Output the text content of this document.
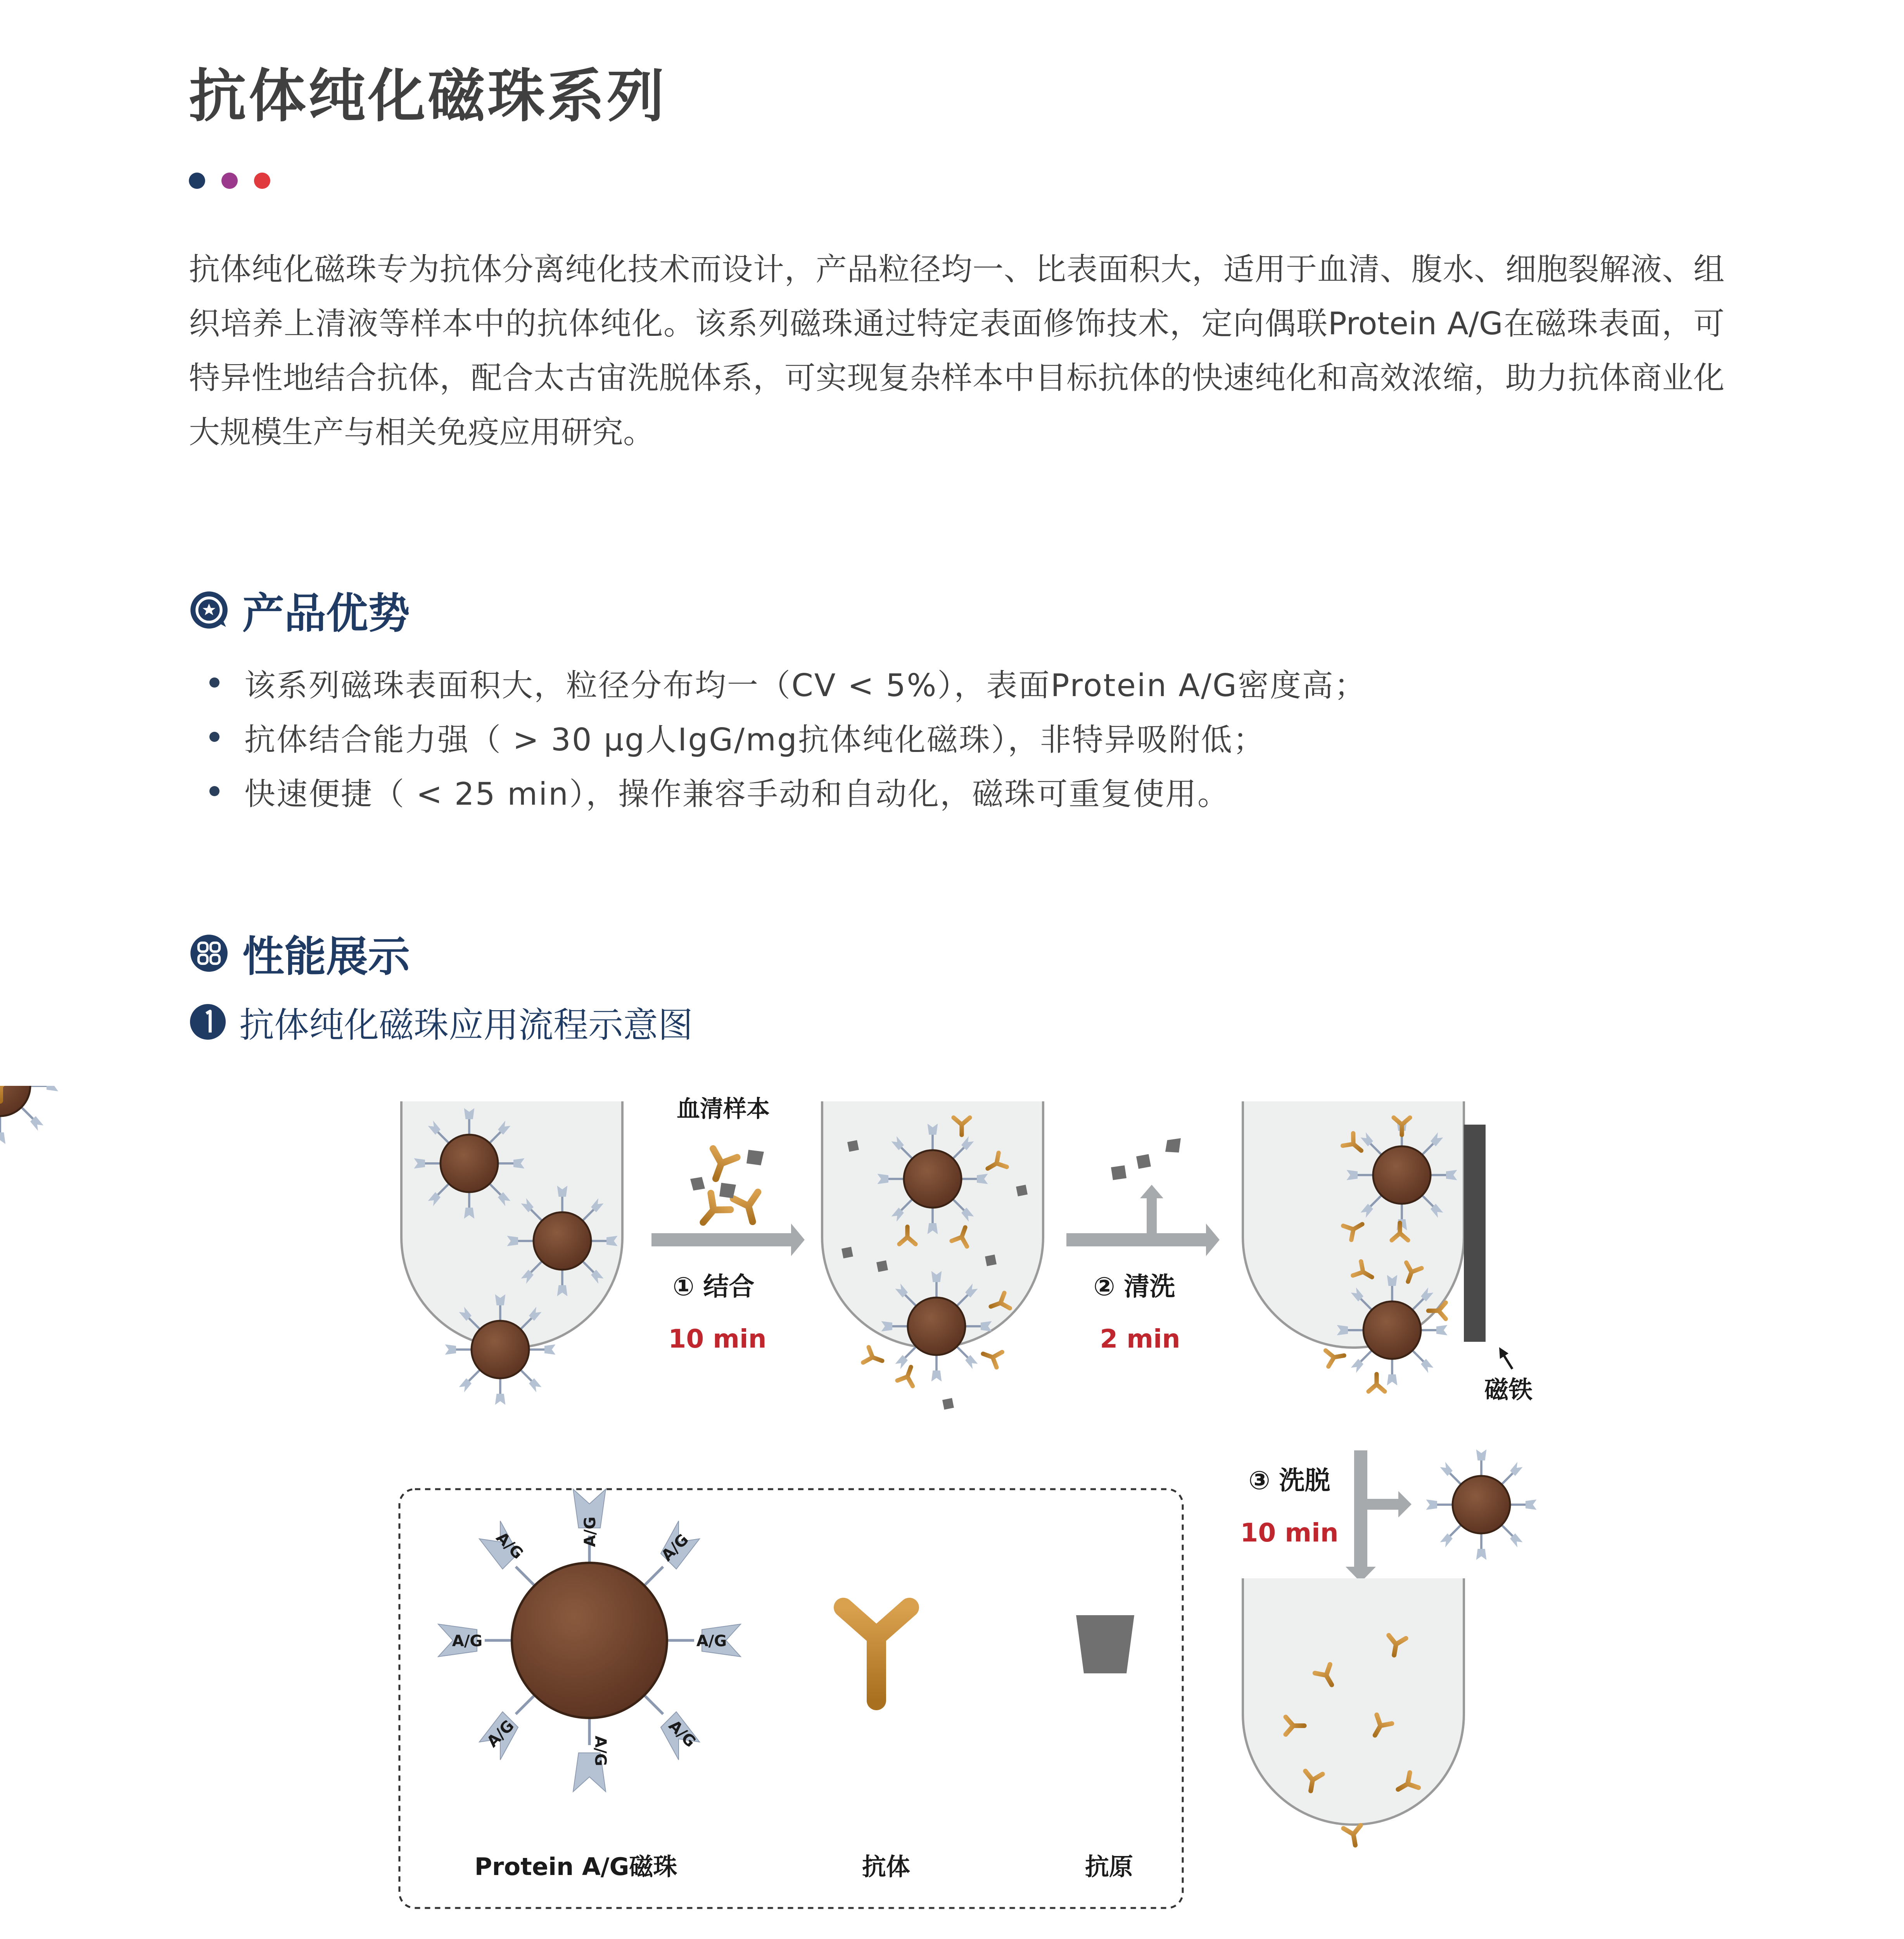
抗体纯化磁珠系列

抗体纯化磁珠专为抗体分离纯化技术而设计，产品粒径均一、比表面积大，适用于血清、腹水、细胞裂解液、组织培养上清液等样本中的抗体纯化。该系列磁珠通过特定表面修饰技术，定向偶联Protein A/G在磁珠表面，可特异性地结合抗体，配合太古宙洗脱体系，可实现复杂样本中目标抗体的快速纯化和高效浓缩，助力抗体商业化大规模生产与相关免疫应用研究。

产品优势
该系列磁珠表面积大，粒径分布均一（CV < 5%），表面Protein A/G密度高；
抗体结合能力强（ > 30 μg人IgG/mg抗体纯化磁珠），非特异吸附低；
快速便捷（ < 25 min），操作兼容手动和自动化，磁珠可重复使用。
性能展示
抗体纯化磁珠应用流程示意图
血清样本
① 结合
10 min
② 清洗
2 min
磁铁
③ 洗脱
10 min
A/G	A/G
A/G
A/G
A/G	A/G
A/G	A/G
Protein A/G磁珠	抗体	抗原
